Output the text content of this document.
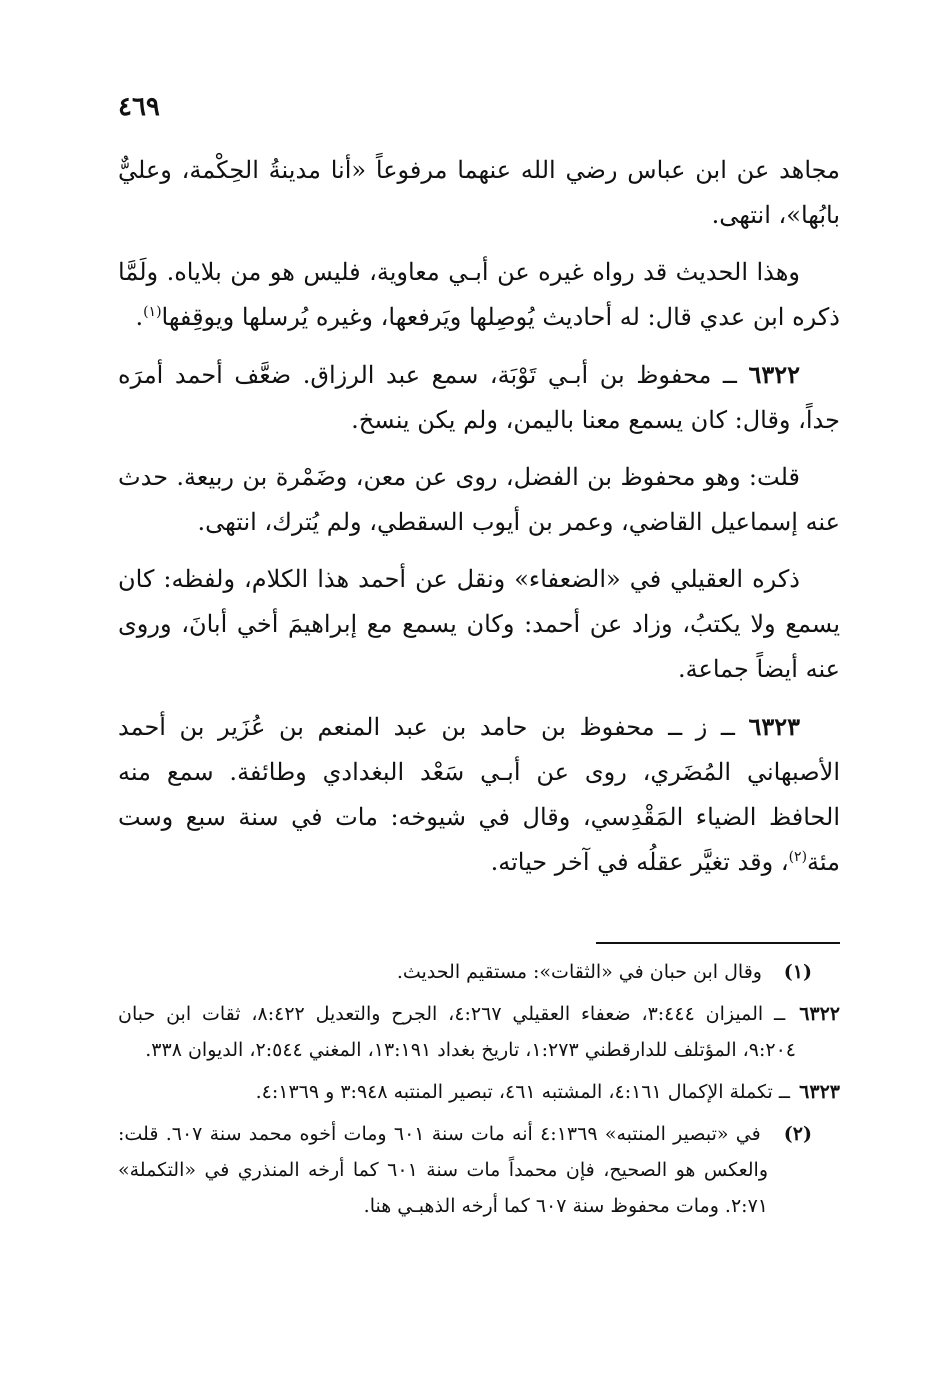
٤٦٩

مجاهد عن ابن عباس رضي الله عنهما مرفوعاً «أنا مدينةُ الحِكْمة، وعليٌّ بابُها»، انتهى.

وهذا الحديث قد رواه غيره عن أبـي معاوية، فليس هو من بلاياه. ولَمَّا ذكره ابن عدي قال: له أحاديث يُوصِلها ويَرفعها، وغيره يُرسلها ويوقِفها$^{(١)}$.

٦٣٢٢ ــ محفوظ بن أبـي تَوْبَة، سمع عبد الرزاق. ضعَّف أحمد أمرَه جداً، وقال: كان يسمع معنا باليمن، ولم يكن ينسخ.

قلت: وهو محفوظ بن الفضل، روى عن معن، وضَمْرة بن ربيعة. حدث عنه إسماعيل القاضي، وعمر بن أيوب السقطي، ولم يُترك، انتهى.

ذكره العقيلي في «الضعفاء» ونقل عن أحمد هذا الكلام، ولفظه: كان يسمع ولا يكتبُ، وزاد عن أحمد: وكان يسمع مع إبراهيمَ أخي أبانَ، وروى عنه أيضاً جماعة.

٦٣٢٣ ــ ز ــ محفوظ بن حامد بن عبد المنعم بن عُزَير بن أحمد الأصبهاني المُضَري، روى عن أبـي سَعْد البغدادي وطائفة. سمع منه الحافظ الضياء المَقْدِسي، وقال في شيوخه: مات في سنة سبع وست مئة$^{(٢)}$، وقد تغيَّر عقلُه في آخر حياته.

(١) وقال ابن حبان في «الثقات»: مستقيم الحديث.

٦٣٢٢ ــ الميزان ٣:٤٤٤، ضعفاء العقيلي ٤:٢٦٧، الجرح والتعديل ٨:٤٢٢، ثقات ابن حبان ٩:٢٠٤، المؤتلف للدارقطني ١:٢٧٣، تاريخ بغداد ١٣:١٩١، المغني ٢:٥٤٤، الديوان ٣٣٨.

٦٣٢٣ ــ تكملة الإكمال ٤:١٦١، المشتبه ٤٦١، تبصير المنتبه ٣:٩٤٨ و ٤:١٣٦٩.

(٢) في «تبصير المنتبه» ٤:١٣٦٩ أنه مات سنة ٦٠١ ومات أخوه محمد سنة ٦٠٧. قلت: والعكس هو الصحيح، فإن محمداً مات سنة ٦٠١ كما أرخه المنذري في «التكملة» ٢:٧١. ومات محفوظ سنة ٦٠٧ كما أرخه الذهبـي هنا.
